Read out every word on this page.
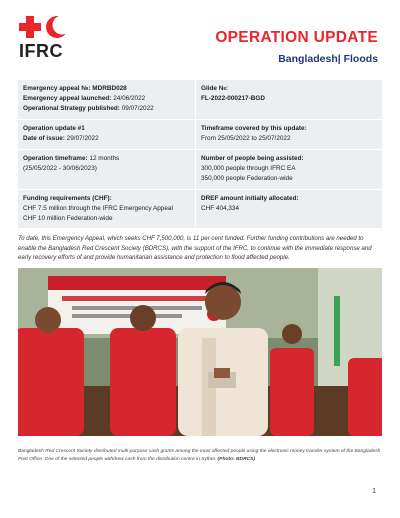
IFRC
OPERATION UPDATE
Bangladesh| Floods
Emergency appeal №: MDRBD028
Emergency appeal launched: 24/06/2022
Operational Strategy published: 09/07/2022
Glide №:
FL-2022-000217-BGD
Operation update #1
Date of issue: 29/07/2022
Timeframe covered by this update:
From 25/05/2022 to 25/07/2022
Operation timeframe: 12 months
(25/05/2022 - 30/06/2023)
Number of people being assisted:
300,000 people through IFRC EA
350,000 people Federation-wide
Funding requirements (CHF):
CHF 7.5 million through the IFRC Emergency Appeal
CHF 10 million Federation-wide
DREF amount initially allocated:
CHF 404,334
To date, this Emergency Appeal, which seeks CHF 7,500,000, is 11 per cent funded. Further funding contributions are needed to enable the Bangladesh Red Crescent Society (BDRCS), with the support of the IFRC, to continue with the immediate response and early recovery efforts of and provide humanitarian assistance and protection to flood affected people.
Bangladesh Red Crescent Society distributed multi-purpose cash grants among the most affected people using the electronic money transfer system of the Bangladesh Post Office. One of the selected people withdrew cash from the distribution centre in Sylhet. (Photo: BDRCS)
1
